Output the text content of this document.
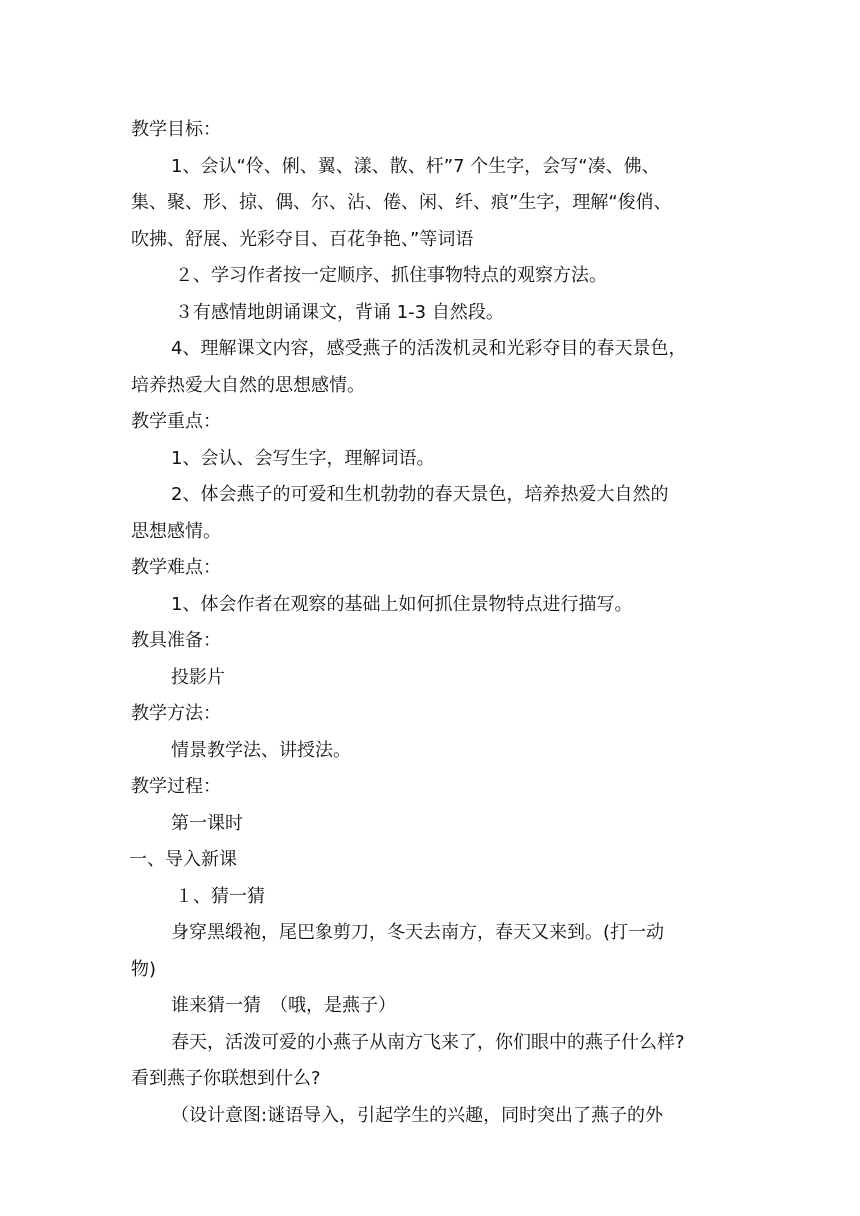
教学目标：
1、会认“伶、俐、翼、漾、散、杆”7 个生字，会写“凑、佛、
集、聚、形、掠、偶、尔、沾、倦、闲、纤、痕”生字，理解“俊俏、
吹拂、舒展、光彩夺目、百花争艳、”等词语
２、学习作者按一定顺序、抓住事物特点的观察方法。
３有感情地朗诵课文，背诵 1-3 自然段。
4、理解课文内容，感受燕子的活泼机灵和光彩夺目的春天景色，
培养热爱大自然的思想感情。
教学重点：
1、会认、会写生字，理解词语。
2、体会燕子的可爱和生机勃勃的春天景色，培养热爱大自然的
思想感情。
教学难点：
1、体会作者在观察的基础上如何抓住景物特点进行描写。
教具准备：
投影片
教学方法：
情景教学法、讲授法。
教学过程：
第一课时
一、导入新课
１、猜一猜
身穿黑缎袍，尾巴象剪刀，冬天去南方，春天又来到。(打一动
物)
谁来猜一猜　（哦，是燕子）
春天，活泼可爱的小燕子从南方飞来了，你们眼中的燕子什么样?
看到燕子你联想到什么?
（设计意图:谜语导入，引起学生的兴趣，同时突出了燕子的外
